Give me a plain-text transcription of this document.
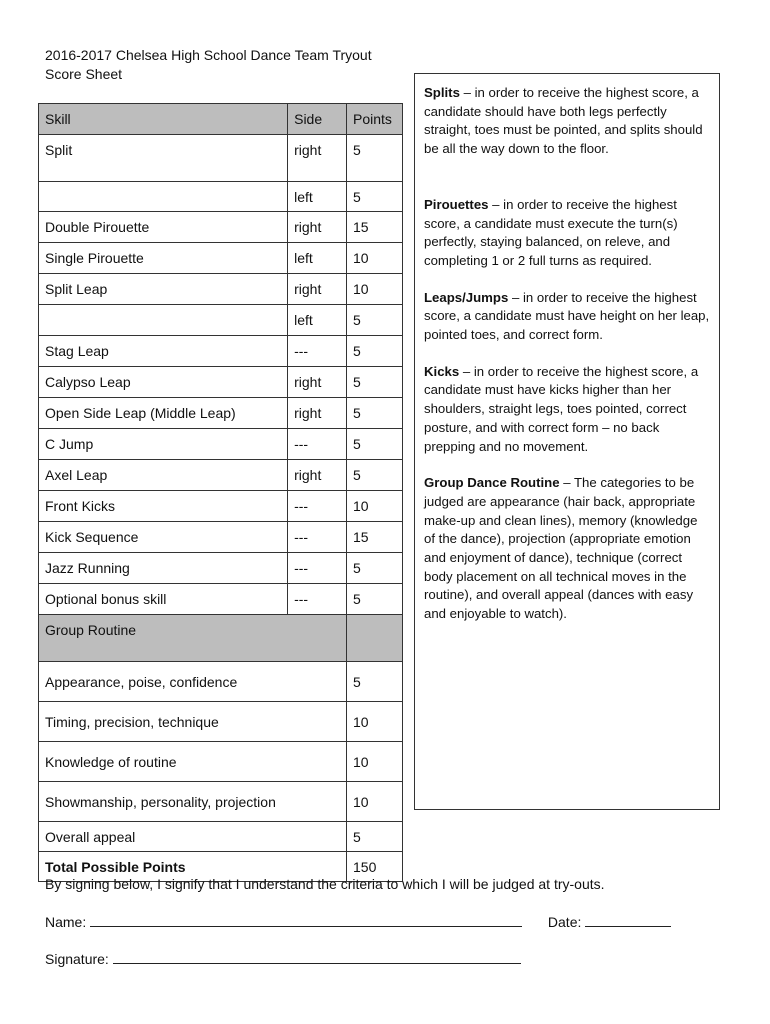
2016-2017 Chelsea High School Dance Team Tryout
Score Sheet
Skill	Side	Points
Split	right	5
	left	5
Double Pirouette	right	15
Single Pirouette	left	10
Split Leap	right	10
	left	5
Stag Leap	---	5
Calypso Leap	right	5
Open Side Leap (Middle Leap)	right	5
C Jump	---	5
Axel Leap	right	5
Front Kicks	---	10
Kick Sequence	---	15
Jazz Running	---	5
Optional bonus skill	---	5
Group Routine		
Appearance, poise, confidence		5
Timing, precision, technique		10
Knowledge of routine		10
Showmanship, personality, projection		10
Overall appeal		5
Total Possible Points		150

Splits – in order to receive the highest score, a candidate should have both legs perfectly straight, toes must be pointed, and splits should be all the way down to the floor.

Pirouettes – in order to receive the highest score, a candidate must execute the turn(s) perfectly, staying balanced, on releve, and completing 1 or 2 full turns as required.

Leaps/Jumps – in order to receive the highest score, a candidate must have height on her leap, pointed toes, and correct form.

Kicks – in order to receive the highest score, a candidate must have kicks higher than her shoulders, straight legs, toes pointed, correct posture, and with correct form – no back prepping and no movement.

Group Dance Routine – The categories to be judged are appearance (hair back, appropriate make-up and clean lines), memory (knowledge of the dance), projection (appropriate emotion and enjoyment of dance), technique (correct body placement on all technical moves in the routine), and overall appeal (dances with easy and enjoyable to watch).

By signing below, I signify that I understand the criteria to which I will be judged at try-outs.
Name:	Date:
Signature:
